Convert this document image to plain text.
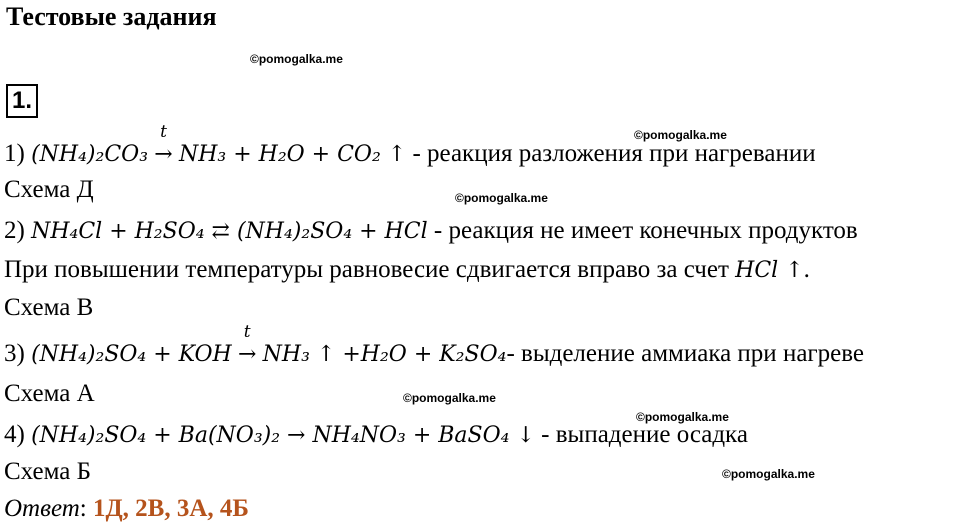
Тестовые задания
©pomogalka.me
©pomogalka.me
©pomogalka.me
©pomogalka.me
©pomogalka.me
©pomogalka.me
1.
1) (NH₄)₂CO₃
t
→ NH₃ + H₂O + CO₂ ↑ - реакция разложения при нагревании
Схема Д
2) NH₄Cl + H₂SO₄ ⇄ (NH₄)₂SO₄ + HCl - реакция не имеет конечных продуктов
При повышении температуры равновесие сдвигается вправо за счет HCl ↑.
Схема В
3) (NH₄)₂SO₄ + KOH
t
→ NH₃ ↑ +H₂O + K₂SO₄- выделение аммиака при нагреве
Схема А
4) (NH₄)₂SO₄ + Ba(NO₃)₂ → NH₄NO₃ + BaSO₄ ↓ - выпадение осадка
Схема Б
Ответ: 1Д, 2В, 3А, 4Б
